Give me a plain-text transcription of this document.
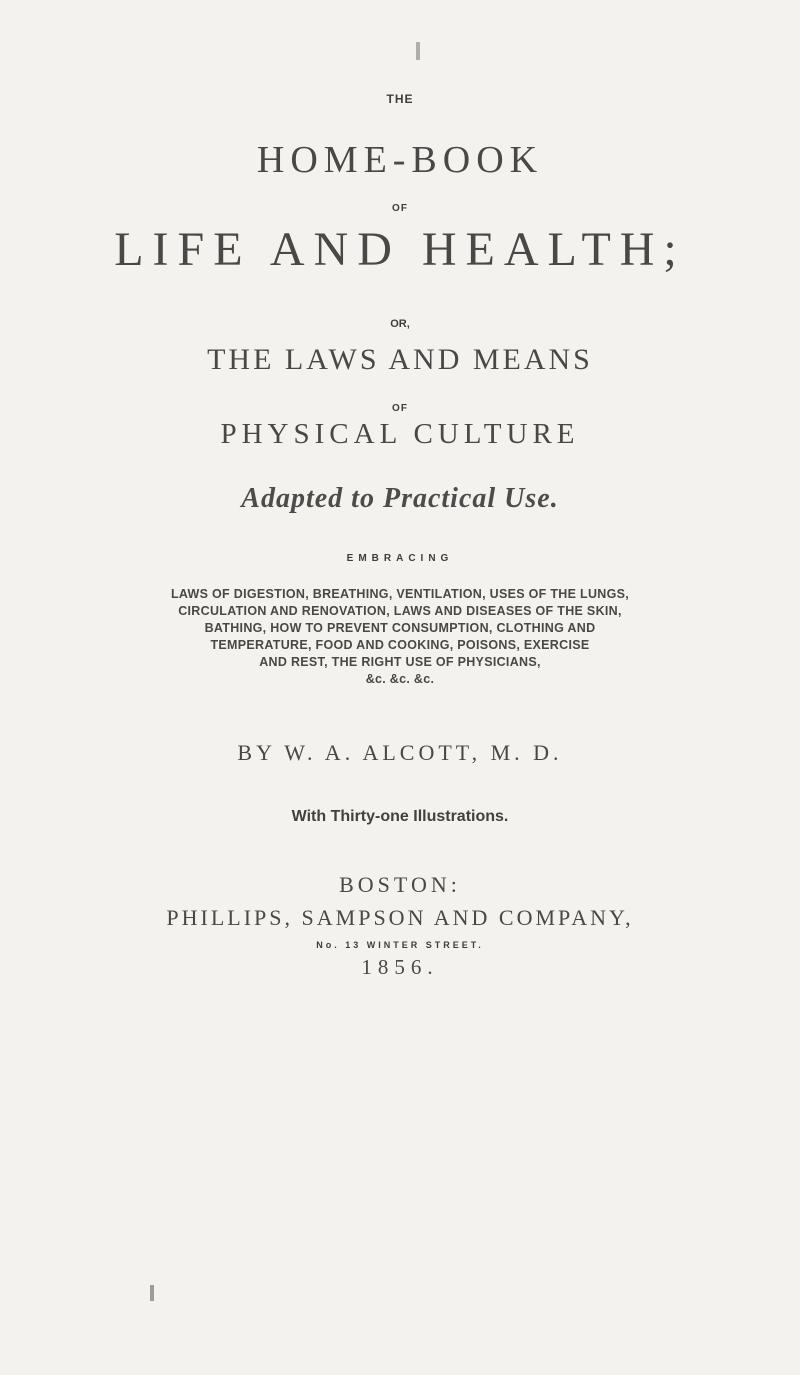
THE
HOME-BOOK
OF
LIFE AND HEALTH;
OR,
THE LAWS AND MEANS
OF
PHYSICAL CULTURE
Adapted to Practical Use.
EMBRACING
LAWS OF DIGESTION, BREATHING, VENTILATION, USES OF THE LUNGS,
CIRCULATION AND RENOVATION, LAWS AND DISEASES OF THE SKIN,
BATHING, HOW TO PREVENT CONSUMPTION, CLOTHING AND
TEMPERATURE, FOOD AND COOKING, POISONS, EXERCISE
AND REST, THE RIGHT USE OF PHYSICIANS,
&c. &c. &c.
BY W. A. ALCOTT, M. D.
With Thirty-one Illustrations.
BOSTON:
PHILLIPS, SAMPSON AND COMPANY,
No. 13 WINTER STREET.
1856.
